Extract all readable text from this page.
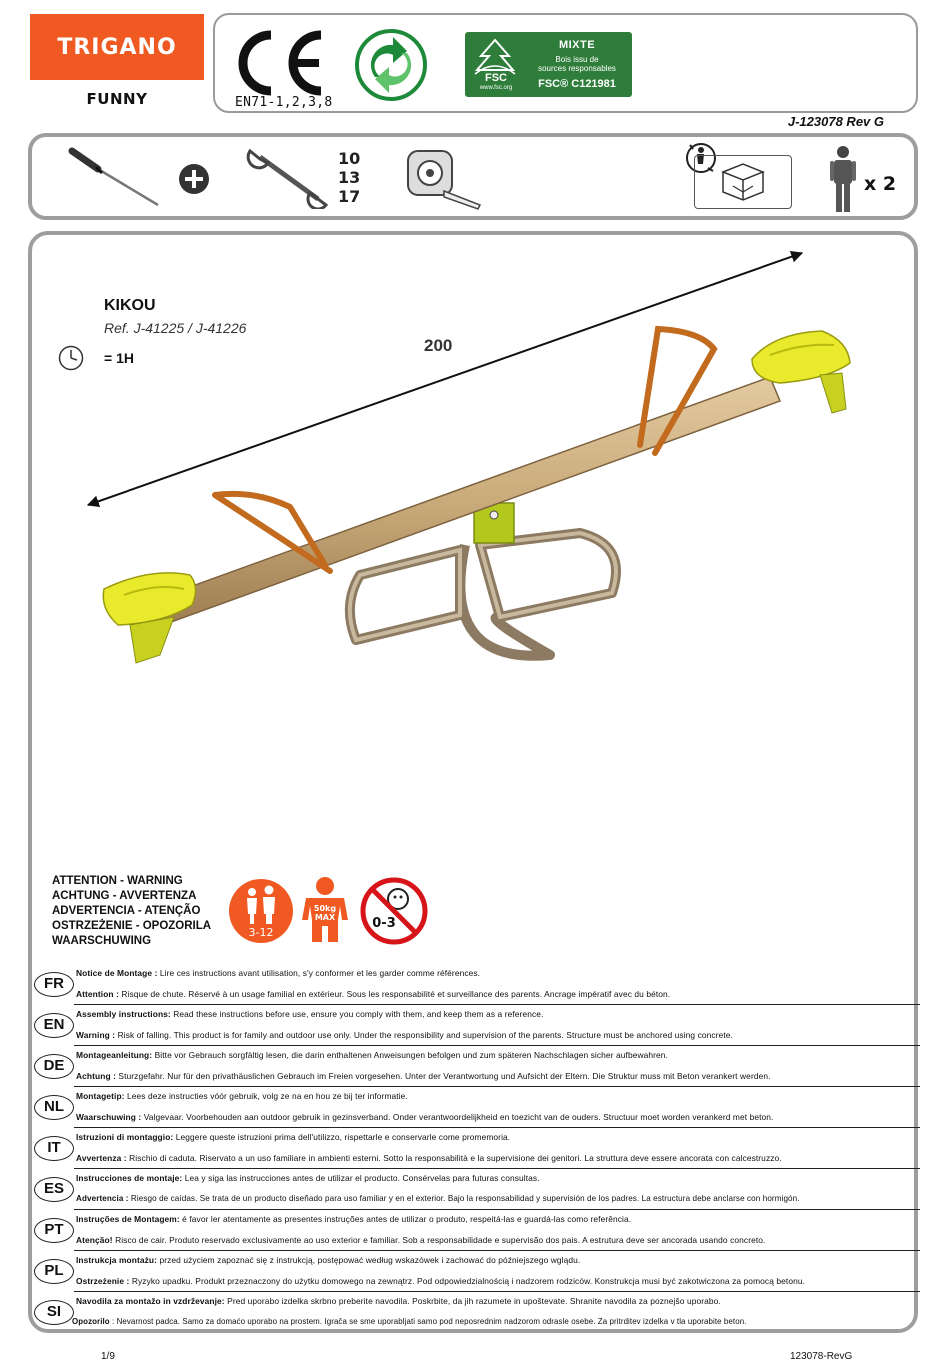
TRIGANO
FUNNY	EN71-1,2,3,8
FSC
www.fsc.org
MIXTE
Bois issu de
sources responsables
FSC® C121981
J-123078 Rev G
10
13
17
x 2
KIKOU
Ref. J-41225 / J-41226
= 1H
200
ATTENTION - WARNING
ACHTUNG - AVVERTENZA
ADVERTENCIA - ATENÇÃO
OSTRZEŻENIE - OPOZORILA
WAARSCHUWING
3-12
50kg
MAX	0-3
FR
Notice de Montage : Lire ces instructions avant utilisation, s'y conformer et les garder comme références.
Attention : Risque de chute. Réservé à un usage familial en extérieur. Sous les responsabilité et surveillance des parents. Ancrage impératif avec du béton.
EN
Assembly instructions: Read these instructions before use, ensure you comply with them, and keep them as a reference.
Warning : Risk of falling. This product is for family and outdoor use only. Under the responsibility and supervision of the parents. Structure must be anchored using concrete.
DE
Montageanleitung: Bitte vor Gebrauch sorgfältig lesen, die darin enthaltenen Anweisungen befolgen und zum späteren Nachschlagen sicher aufbewahren.
Achtung : Sturzgefahr. Nur für den privathäuslichen Gebrauch im Freien vorgesehen. Unter der Verantwortung und Aufsicht der Eltern. Die Struktur muss mit Beton verankert werden.
NL
Montagetip: Lees deze instructies vóór gebruik, volg ze na en hou ze bij ter informatie.
Waarschuwing : Valgevaar. Voorbehouden aan outdoor gebruik in gezinsverband. Onder verantwoordelijkheid en toezicht van de ouders. Structuur moet worden verankerd met beton.
IT
Istruzioni di montaggio: Leggere queste istruzioni prima dell'utilizzo, rispettarle e conservarle come promemoria.
Avvertenza : Rischio di caduta. Riservato a un uso familiare in ambienti esterni. Sotto la responsabilità e la supervisione dei genitori. La struttura deve essere ancorata con calcestruzzo.
ES
Instrucciones de montaje: Lea y siga las instrucciones antes de utilizar el producto. Consérvelas para futuras consultas.
Advertencia : Riesgo de caídas. Se trata de un producto diseñado para uso familiar y en el exterior. Bajo la responsabilidad y supervisión de los padres. La estructura debe anclarse con hormigón.
PT
Instruções de Montagem: é favor ler atentamente as presentes instruções antes de utilizar o produto, respeitá-las e guardá-las como referência.
Atenção! Risco de cair. Produto reservado exclusivamente ao uso exterior e familiar. Sob a responsabilidade e supervisão dos pais. A estrutura deve ser ancorada usando concreto.
PL
Instrukcja montażu: przed użyciem zapoznać się z instrukcją, postępować według wskazówek i zachować do późniejszego wglądu.
Ostrzeżenie : Ryzyko upadku. Produkt przeznaczony do użytku domowego na zewnątrz. Pod odpowiedzialnością i nadzorem rodziców. Konstrukcja musi być zakotwiczona za pomocą betonu.
SI
Navodila za montažo in vzdrževanje: Pred uporabo izdelka skrbno preberite navodila. Poskrbite, da jih razumete in upoštevate. Shranite navodila za poznejšo uporabo.
Opozorilo : Nevarnost padca. Samo za domaćo uporabo na prostem. Igrača se sme uporabljati samo pod neposrednim nadzorom odrasle osebe. Za pritrditev izdelka v tla uporabite beton.
1/9	123078-RevG
